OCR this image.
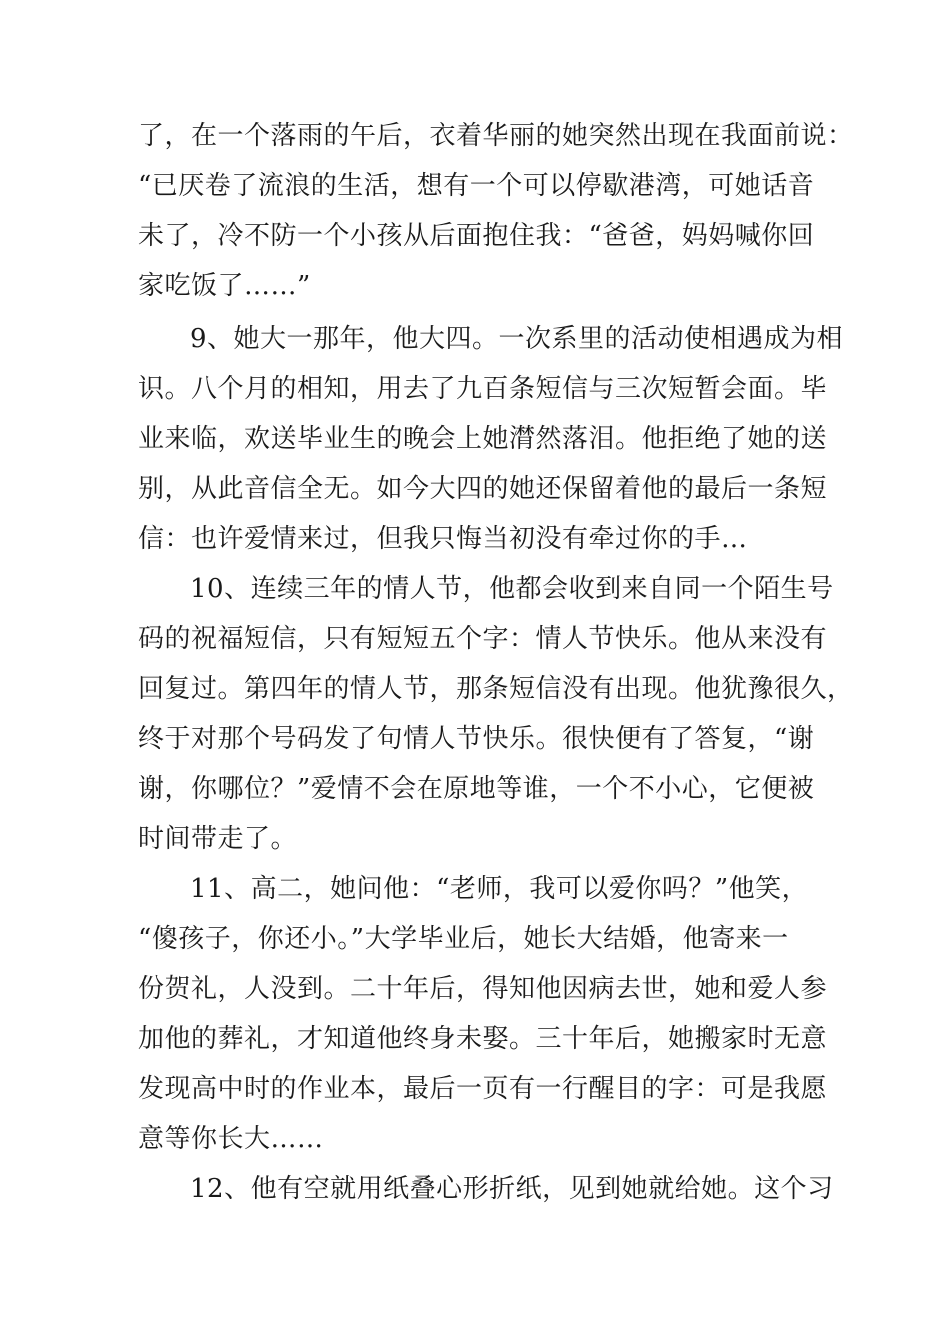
了，在一个落雨的午后，衣着华丽的她突然出现在我面前说：

“已厌卷了流浪的生活，想有一个可以停歇港湾，可她话音

未了，冷不防一个小孩从后面抱住我：“爸爸，妈妈喊你回

家吃饭了……”

9、她大一那年，他大四。一次系里的活动使相遇成为相

识。八个月的相知，用去了九百条短信与三次短暂会面。毕

业来临，欢送毕业生的晚会上她潸然落泪。他拒绝了她的送

别，从此音信全无。如今大四的她还保留着他的最后一条短

信：也许爱情来过，但我只悔当初没有牵过你的手…

10、连续三年的情人节，他都会收到来自同一个陌生号

码的祝福短信，只有短短五个字：情人节快乐。他从来没有

回复过。第四年的情人节，那条短信没有出现。他犹豫很久，

终于对那个号码发了句情人节快乐。很快便有了答复，“谢

谢，你哪位？”爱情不会在原地等谁，一个不小心，它便被

时间带走了。

11、高二，她问他：“老师，我可以爱你吗？”他笑，

“傻孩子，你还小。”大学毕业后，她长大结婚，他寄来一

份贺礼，人没到。二十年后，得知他因病去世，她和爱人参

加他的葬礼，才知道他终身未娶。三十年后，她搬家时无意

发现高中时的作业本，最后一页有一行醒目的字：可是我愿

意等你长大……

12、他有空就用纸叠心形折纸，见到她就给她。这个习
